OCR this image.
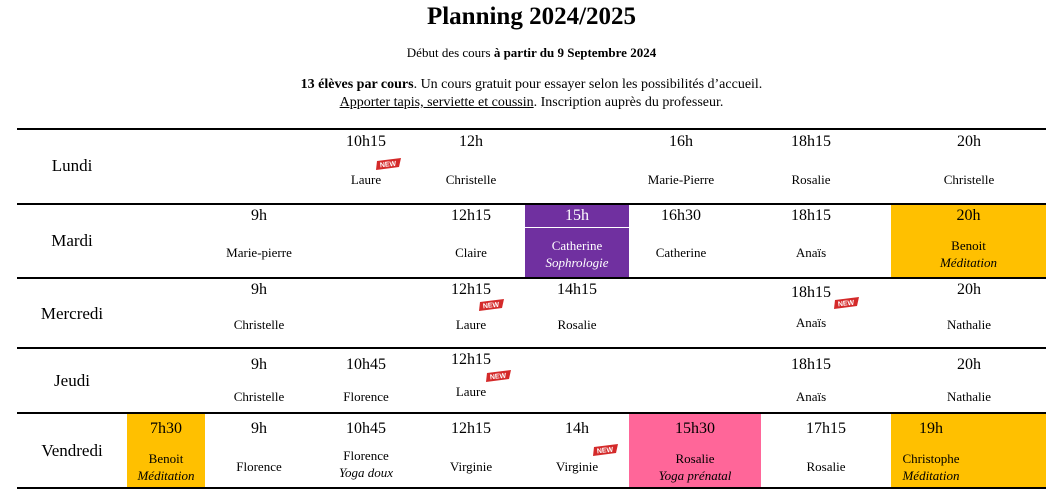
Planning 2024/2025
Début des cours à partir du 9 Septembre 2024
13 élèves par cours. Un cours gratuit pour essayer selon les possibilités d’accueil.
Apporter tapis, serviette et coussin. Inscription auprès du professeur.
Lundi
10h15
Laure
NEW
12h
Christelle
16h
Marie-Pierre
18h15
Rosalie
20h
Christelle
Mardi
9h
Marie-pierre
12h15
Claire
15h
Catherine
Sophrologie
16h30
Catherine
18h15
Anaïs
20h
Benoit
Méditation
Mercredi
9h
Christelle
12h15
Laure
NEW
14h15
Rosalie
18h15
Anaïs
NEW
20h
Nathalie
Jeudi
9h
Christelle
10h45
Florence
12h15
Laure
NEW
18h15
Anaïs
20h
Nathalie
Vendredi
7h30
Benoit
Méditation
9h
Florence
10h45
Florence
Yoga doux
12h15
Virginie
14h
Virginie
NEW
15h30
Rosalie
Yoga prénatal
17h15
Rosalie
19h
Christophe
Méditation
